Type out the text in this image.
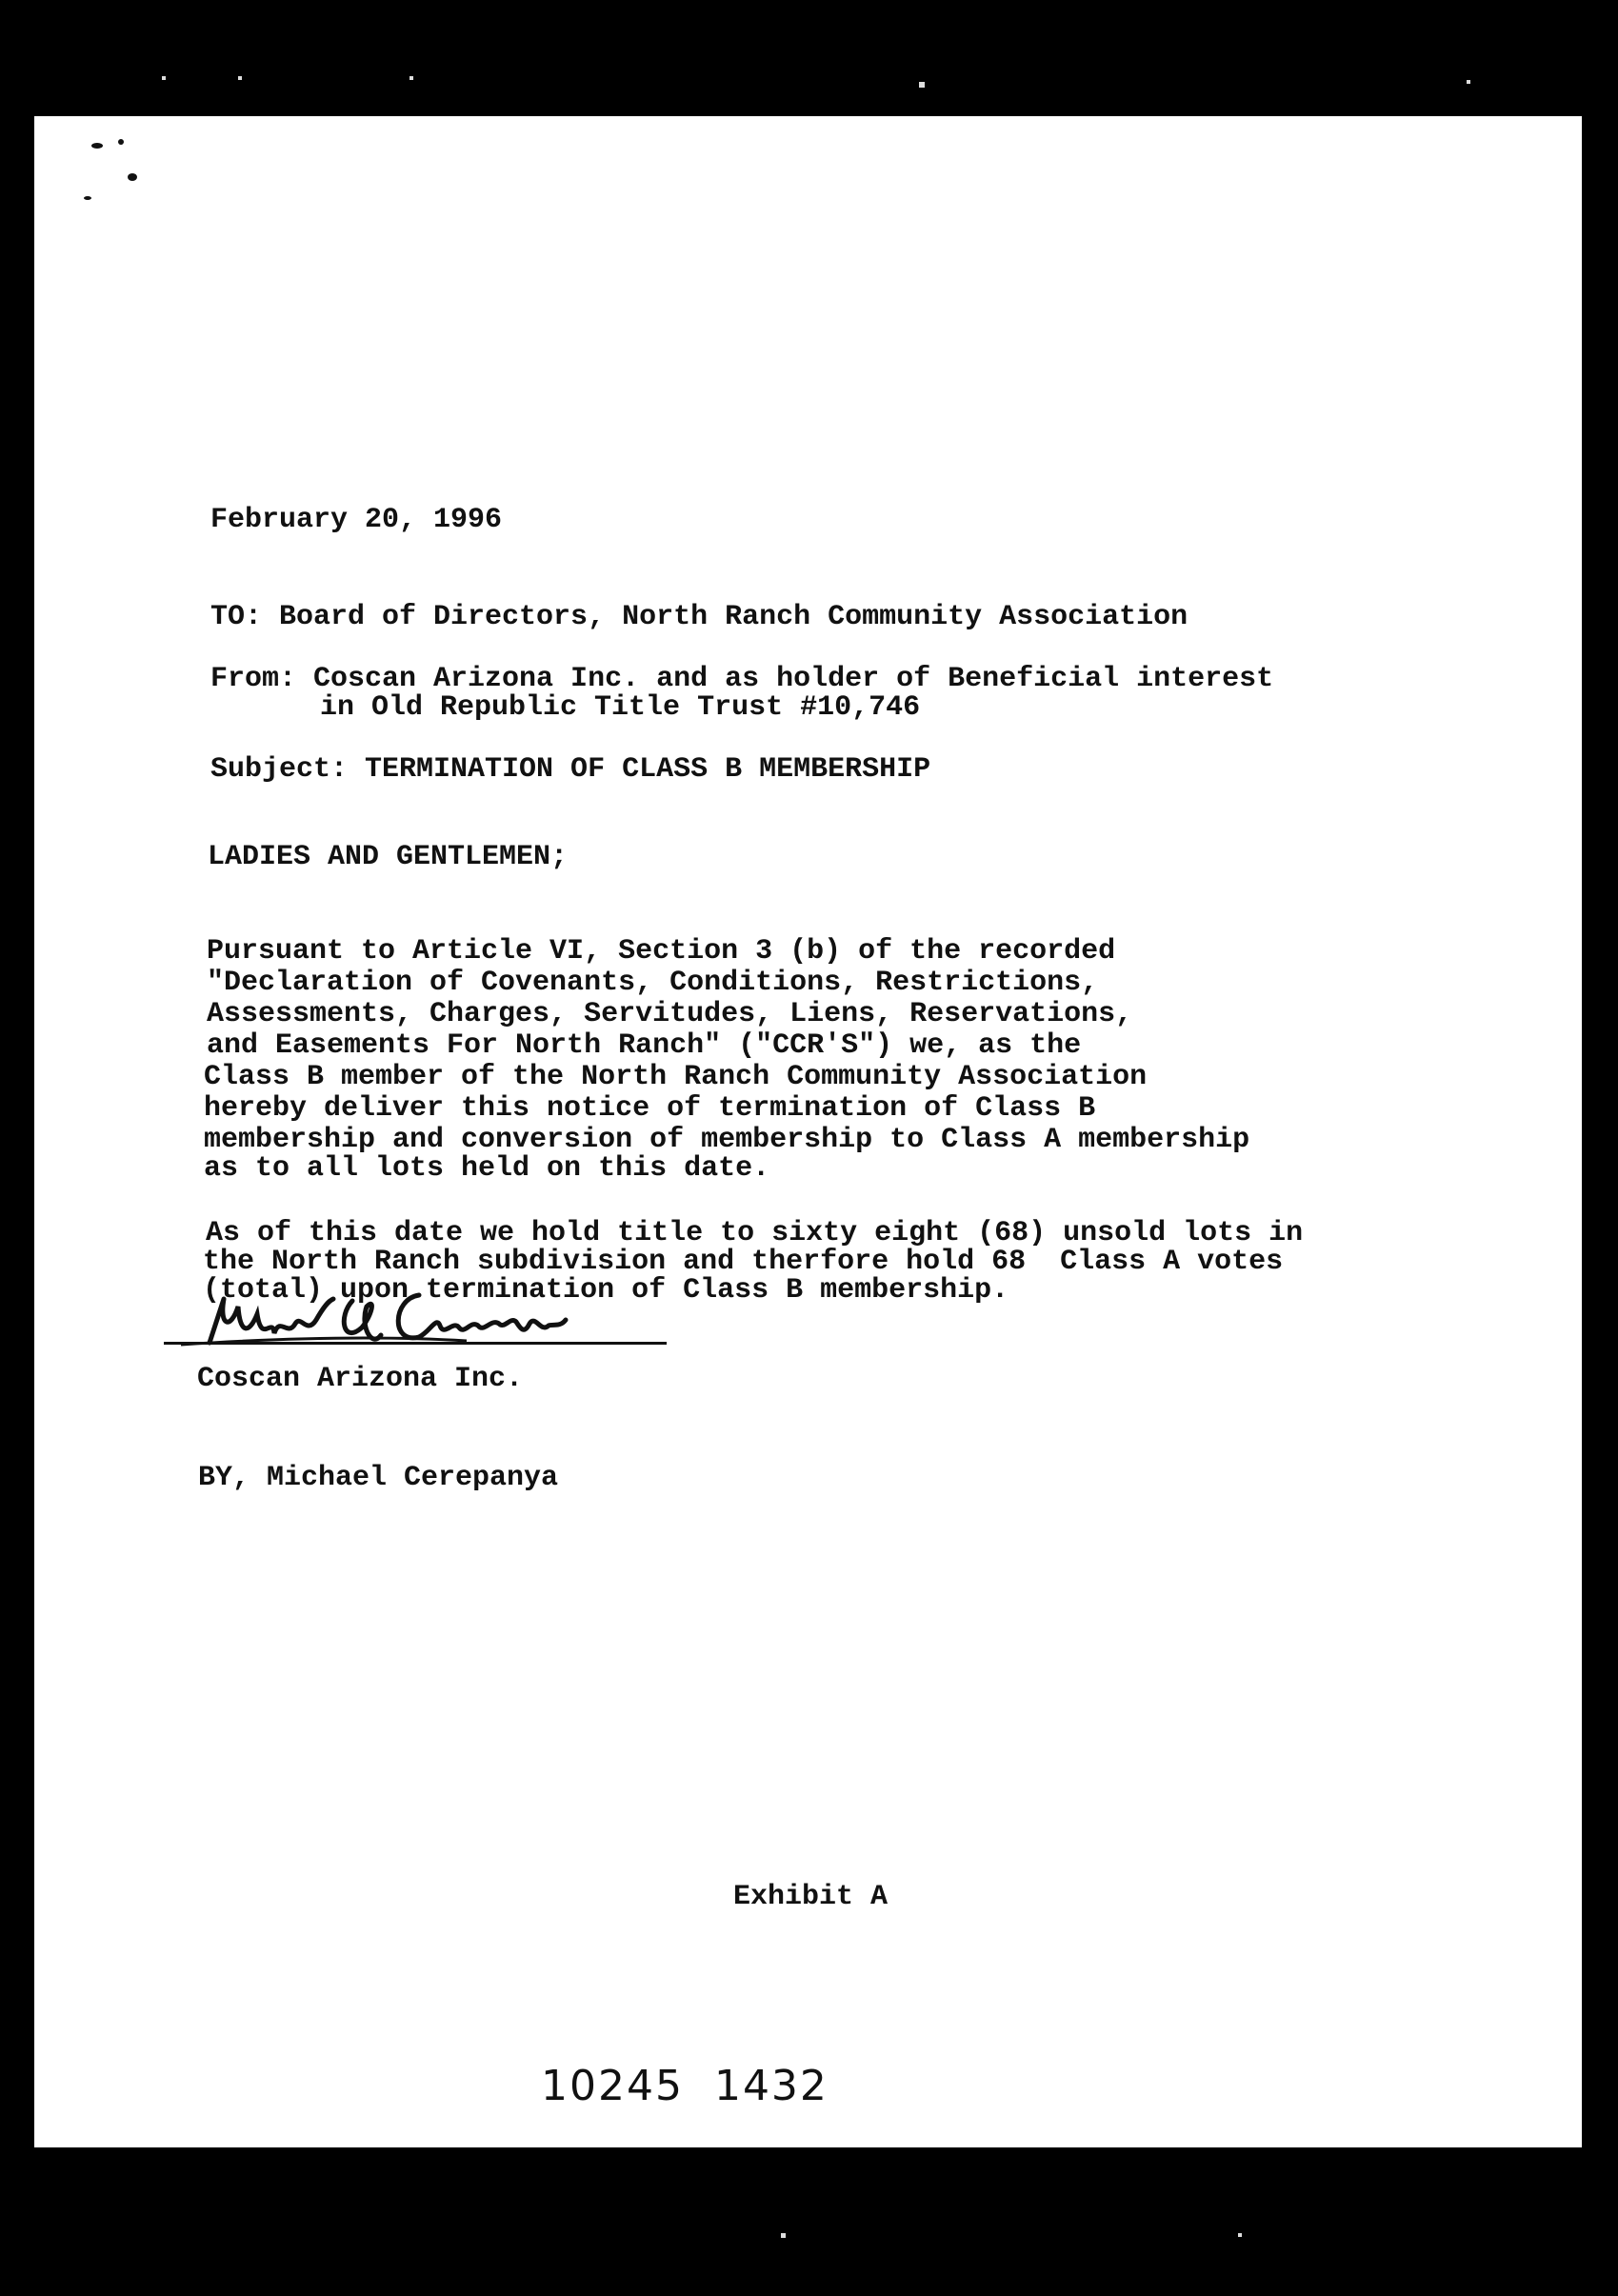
February 20, 1996
TO: Board of Directors, North Ranch Community Association
From: Coscan Arizona Inc. and as holder of Beneficial interest
in Old Republic Title Trust #10,746
Subject: TERMINATION OF CLASS B MEMBERSHIP
LADIES AND GENTLEMEN;
Pursuant to Article VI, Section 3 (b) of the recorded
"Declaration of Covenants, Conditions, Restrictions,
Assessments, Charges, Servitudes, Liens, Reservations,
and Easements For North Ranch" ("CCR'S") we, as the
Class B member of the North Ranch Community Association
hereby deliver this notice of termination of Class B
membership and conversion of membership to Class A membership
as to all lots held on this date.
As of this date we hold title to sixty eight (68) unsold lots in
the North Ranch subdivision and therfore hold 68  Class A votes
(total) upon termination of Class B membership.
Coscan Arizona Inc.
BY, Michael Cerepanya
Exhibit A
10245  1432
